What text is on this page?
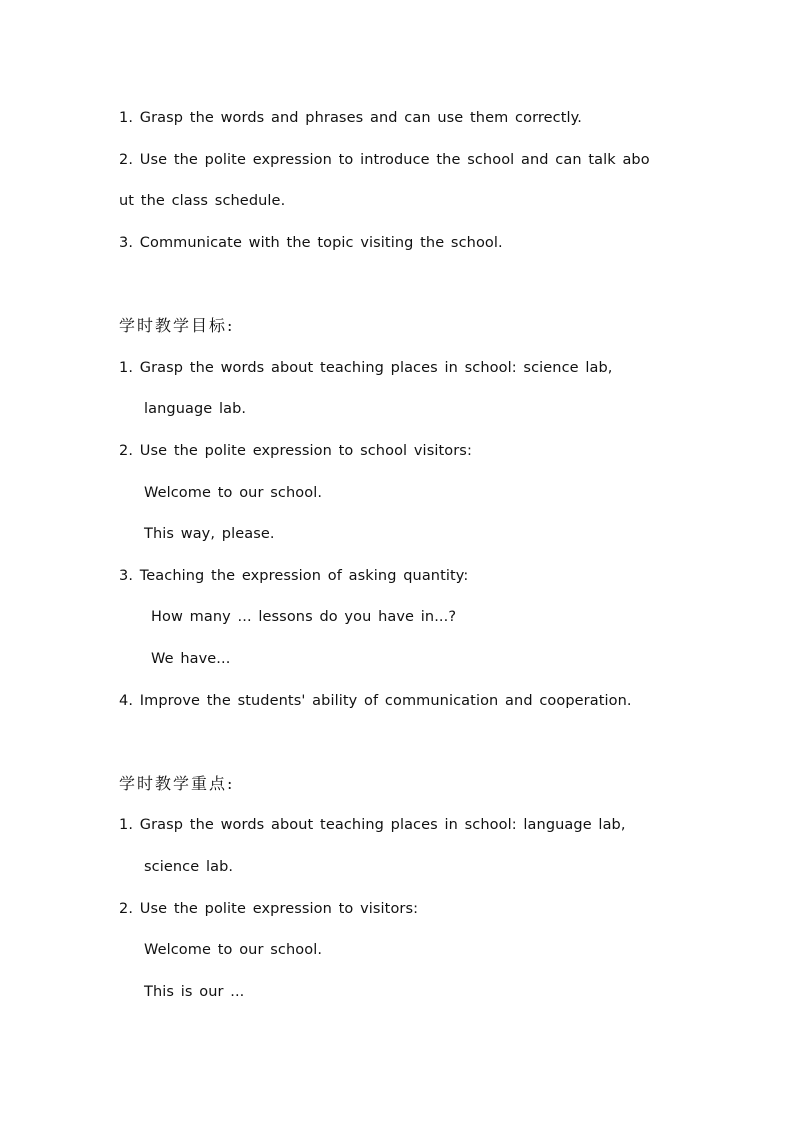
1. Grasp the words and phrases and can use them correctly.
2. Use the polite expression to introduce the school and can talk abo
ut the class schedule.
3. Communicate with the topic visiting the school.
学时教学目标:
1. Grasp the words about teaching places in school: science lab,
language lab.
2. Use the polite expression to school visitors:
Welcome to our school.
This way, please.
3. Teaching the expression of asking quantity:
How many ... lessons do you have in...?
We have...
4. Improve the students' ability of communication and cooperation.
学时教学重点:
1. Grasp the words about teaching places in school: language lab,
science lab.
2. Use the polite expression to visitors:
Welcome to our school.
This is our ...
